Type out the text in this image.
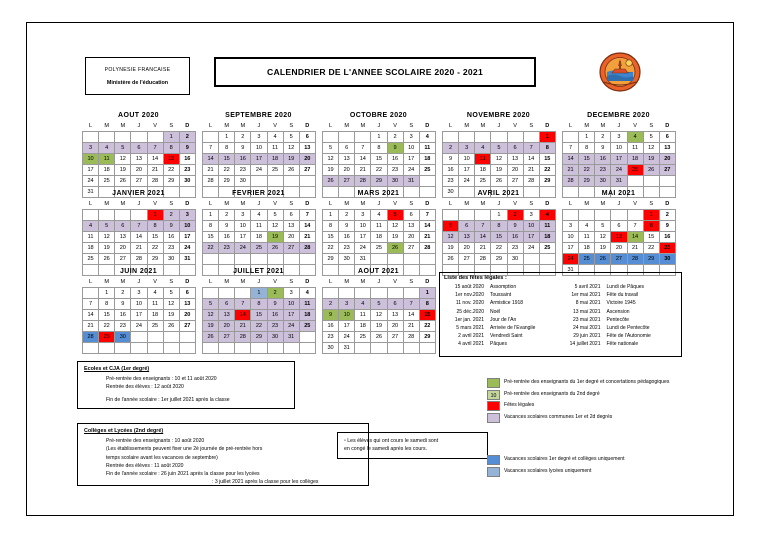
POLYNESIE FRANCAISE
Ministère de l'éducation
CALENDRIER DE L'ANNEE SCOLAIRE 2020 - 2021
AOUT 2020
L	M	M	J	V	S	D
					1	2
3	4	5	6	7	8	9
10	11	12	13	14	15	16
17	18	19	20	21	22	23
24	25	26	27	28	29	30
31						
SEPTEMBRE 2020
L	M	M	J	V	S	D
	1	2	3	4	5	6
7	8	9	10	11	12	13
14	15	16	17	18	19	20
21	22	23	24	25	26	27
28	29	30				

OCTOBRE 2020
L	M	M	J	V	S	D
			1	2	3	4
5	6	7	8	9	10	11
12	13	14	15	16	17	18
19	20	21	22	23	24	25
26	27	28	29	30	31	

NOVEMBRE 2020
L	M	M	J	V	S	D
						1
2	3	4	5	6	7	8
9	10	11	12	13	14	15
16	17	18	19	20	21	22
23	24	25	26	27	28	29
30						
DECEMBRE 2020
L	M	M	J	V	S	D
	1	2	3	4	5	6
7	8	9	10	11	12	13
14	15	16	17	18	19	20
21	22	23	24	25	26	27
28	29	30	31			

JANVIER 2021
L	M	M	J	V	S	D
				1	2	3
4	5	6	7	8	9	10
11	12	13	14	15	16	17
18	19	20	21	22	23	24
25	26	27	28	29	30	31

FEVRIER 2021
L	M	M	J	V	S	D
1	2	3	4	5	6	7
8	9	10	11	12	13	14
15	16	17	18	19	20	21
22	23	24	25	26	27	28

MARS 2021
L	M	M	J	V	S	D
1	2	3	4	5	6	7
8	9	10	11	12	13	14
15	16	17	18	19	20	21
22	23	24	25	26	27	28
29	30	31				

AVRIL 2021
L	M	M	J	V	S	D
			1	2	3	4
5	6	7	8	9	10	11
12	13	14	15	16	17	18
19	20	21	22	23	24	25
26	27	28	29	30		

MAI 2021
L	M	M	J	V	S	D
					1	2
3	4	5	6	7	8	9
10	11	12	13	14	15	16
17	18	19	20	21	22	23
24	25	26	27	28	29	30
31						
JUIN 2021
L	M	M	J	V	S	D
	1	2	3	4	5	6
7	8	9	10	11	12	13
14	15	16	17	18	19	20
21	22	23	24	25	26	27
28	29	30				

JUILLET 2021
L	M	M	J	V	S	D
			1	2	3	4
5	6	7	8	9	10	11
12	13	14	15	16	17	18
19	20	21	22	23	24	25
26	27	28	29	30	31	

AOUT 2021
L	M	M	J	V	S	D
						1
2	3	4	5	6	7	8
9	10	11	12	13	14	15
16	17	18	19	20	21	22
23	24	25	26	27	28	29
30	31					
Liste des fêtes légales :
15 août 2020	Assomption
1er nov.2020	Toussaint
11 nov. 2020	Armistice 1918
25 déc.2020	Noël
1er jan. 2021	Jour de l'An
5 mars 2021	Arrivée de l'Evangile
2 avril 2021	Vendredi Saint
4 avril 2021	Pâques
5 avril 2021	Lundi de Pâques
1er mai 2021	Fête du travail
8 mai 2021	Victoire 1945
13 mai 2021	Ascension
23 mai 2021	Pentecôte
24 mai 2021	Lundi de Pentecôte
29 juin 2021	Fête de l'Autonomie
14 juillet 2021	Fête nationale
Ecoles et CJA (1er degré)
Pré-rentrée des enseignants : 10 et 11 août 2020
Rentrée des élèves : 12 août 2020
Fin de l'année scolaire : 1er juillet 2021 après la classe
Collèges et Lycées (2nd degré)
Pré-rentrée des enseignants : 10 août 2020
(Les établissements peuvent fixer une 2è journée de pré-rentrée hors
temps scolaire avant les vacances de septembre)
Rentrée des élèves : 11 août 2020
Fin de l'année scolaire : 26 juin 2021 après la classe pour les lycées
: 3 juillet 2021 après la classe pour les collèges
▫ Les élèves qui ont cours le samedi sont
en congé le samedi après les cours.
Pré-rentrée des enseignants du 1er degré et concertations pédagogiques
10	Pré-rentrée des enseignants du 2nd degré
Fêtes légales
Vacances scolaires communes 1er et 2d degrés
Vacances scolaires 1er degré et collèges uniquement
Vacances scolaires lycées uniquement
